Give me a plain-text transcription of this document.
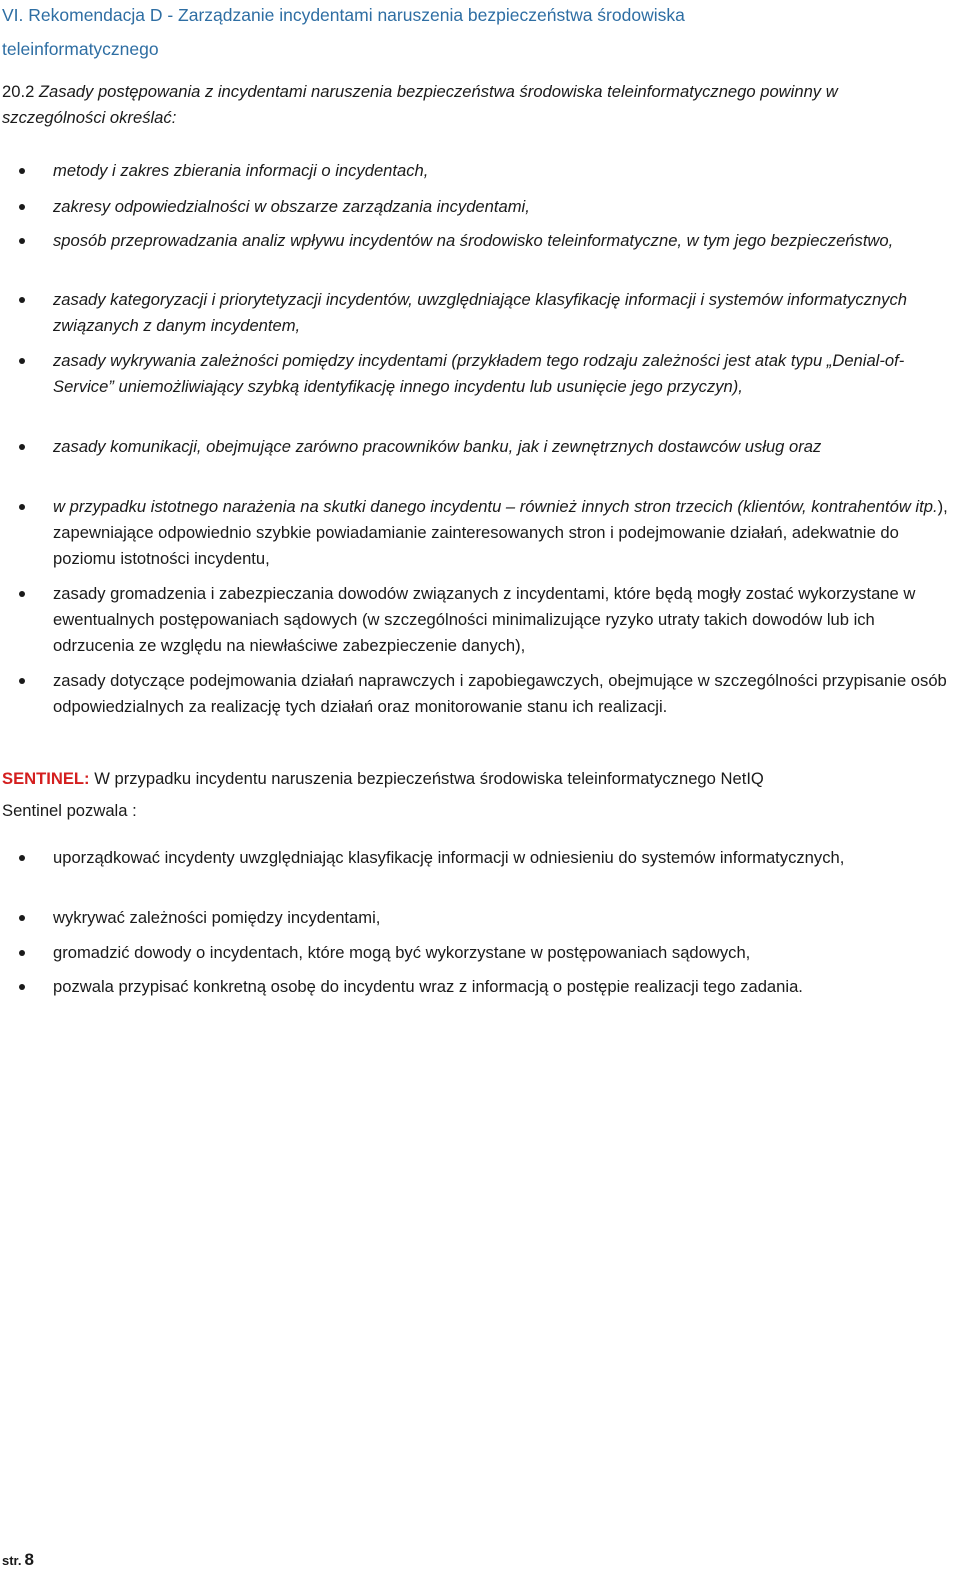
VI. Rekomendacja D - Zarządzanie incydentami naruszenia bezpieczeństwa środowiska
teleinformatycznego

20.2 Zasady postępowania z incydentami naruszenia bezpieczeństwa środowiska teleinformatycznego powinny w szczególności określać:

metody i zakres zbierania informacji o incydentach,
zakresy odpowiedzialności w obszarze zarządzania incydentami,
sposób przeprowadzania analiz wpływu incydentów na środowisko teleinformatyczne, w tym jego bezpieczeństwo,
zasady kategoryzacji i priorytetyzacji incydentów, uwzględniające klasyfikację informacji i systemów informatycznych związanych z danym incydentem,
zasady wykrywania zależności pomiędzy incydentami (przykładem tego rodzaju zależności jest atak typu „Denial-of-Service” uniemożliwiający szybką identyfikację innego incydentu lub usunięcie jego przyczyn),
zasady komunikacji, obejmujące zarówno pracowników banku, jak i zewnętrznych dostawców usług oraz
w przypadku istotnego narażenia na skutki danego incydentu – również innych stron trzecich (klientów, kontrahentów itp.), zapewniające odpowiednio szybkie powiadamianie zainteresowanych stron i podejmowanie działań, adekwatnie do poziomu istotności incydentu,
zasady gromadzenia i zabezpieczania dowodów związanych z incydentami, które będą mogły zostać wykorzystane w ewentualnych postępowaniach sądowych (w szczególności minimalizujące ryzyko utraty takich dowodów lub ich odrzucenia ze względu na niewłaściwe zabezpieczenie danych),
zasady dotyczące podejmowania działań naprawczych i zapobiegawczych, obejmujące w szczególności przypisanie osób odpowiedzialnych za realizację tych działań oraz monitorowanie stanu ich realizacji.

SENTINEL: W przypadku incydentu naruszenia bezpieczeństwa środowiska teleinformatycznego NetIQ
Sentinel pozwala :

uporządkować incydenty uwzględniając klasyfikację informacji w odniesieniu do systemów informatycznych,
wykrywać zależności pomiędzy incydentami,
gromadzić dowody o incydentach, które mogą być wykorzystane w postępowaniach sądowych,
pozwala przypisać konkretną osobę do incydentu wraz z informacją o postępie realizacji tego zadania.
str. 8
